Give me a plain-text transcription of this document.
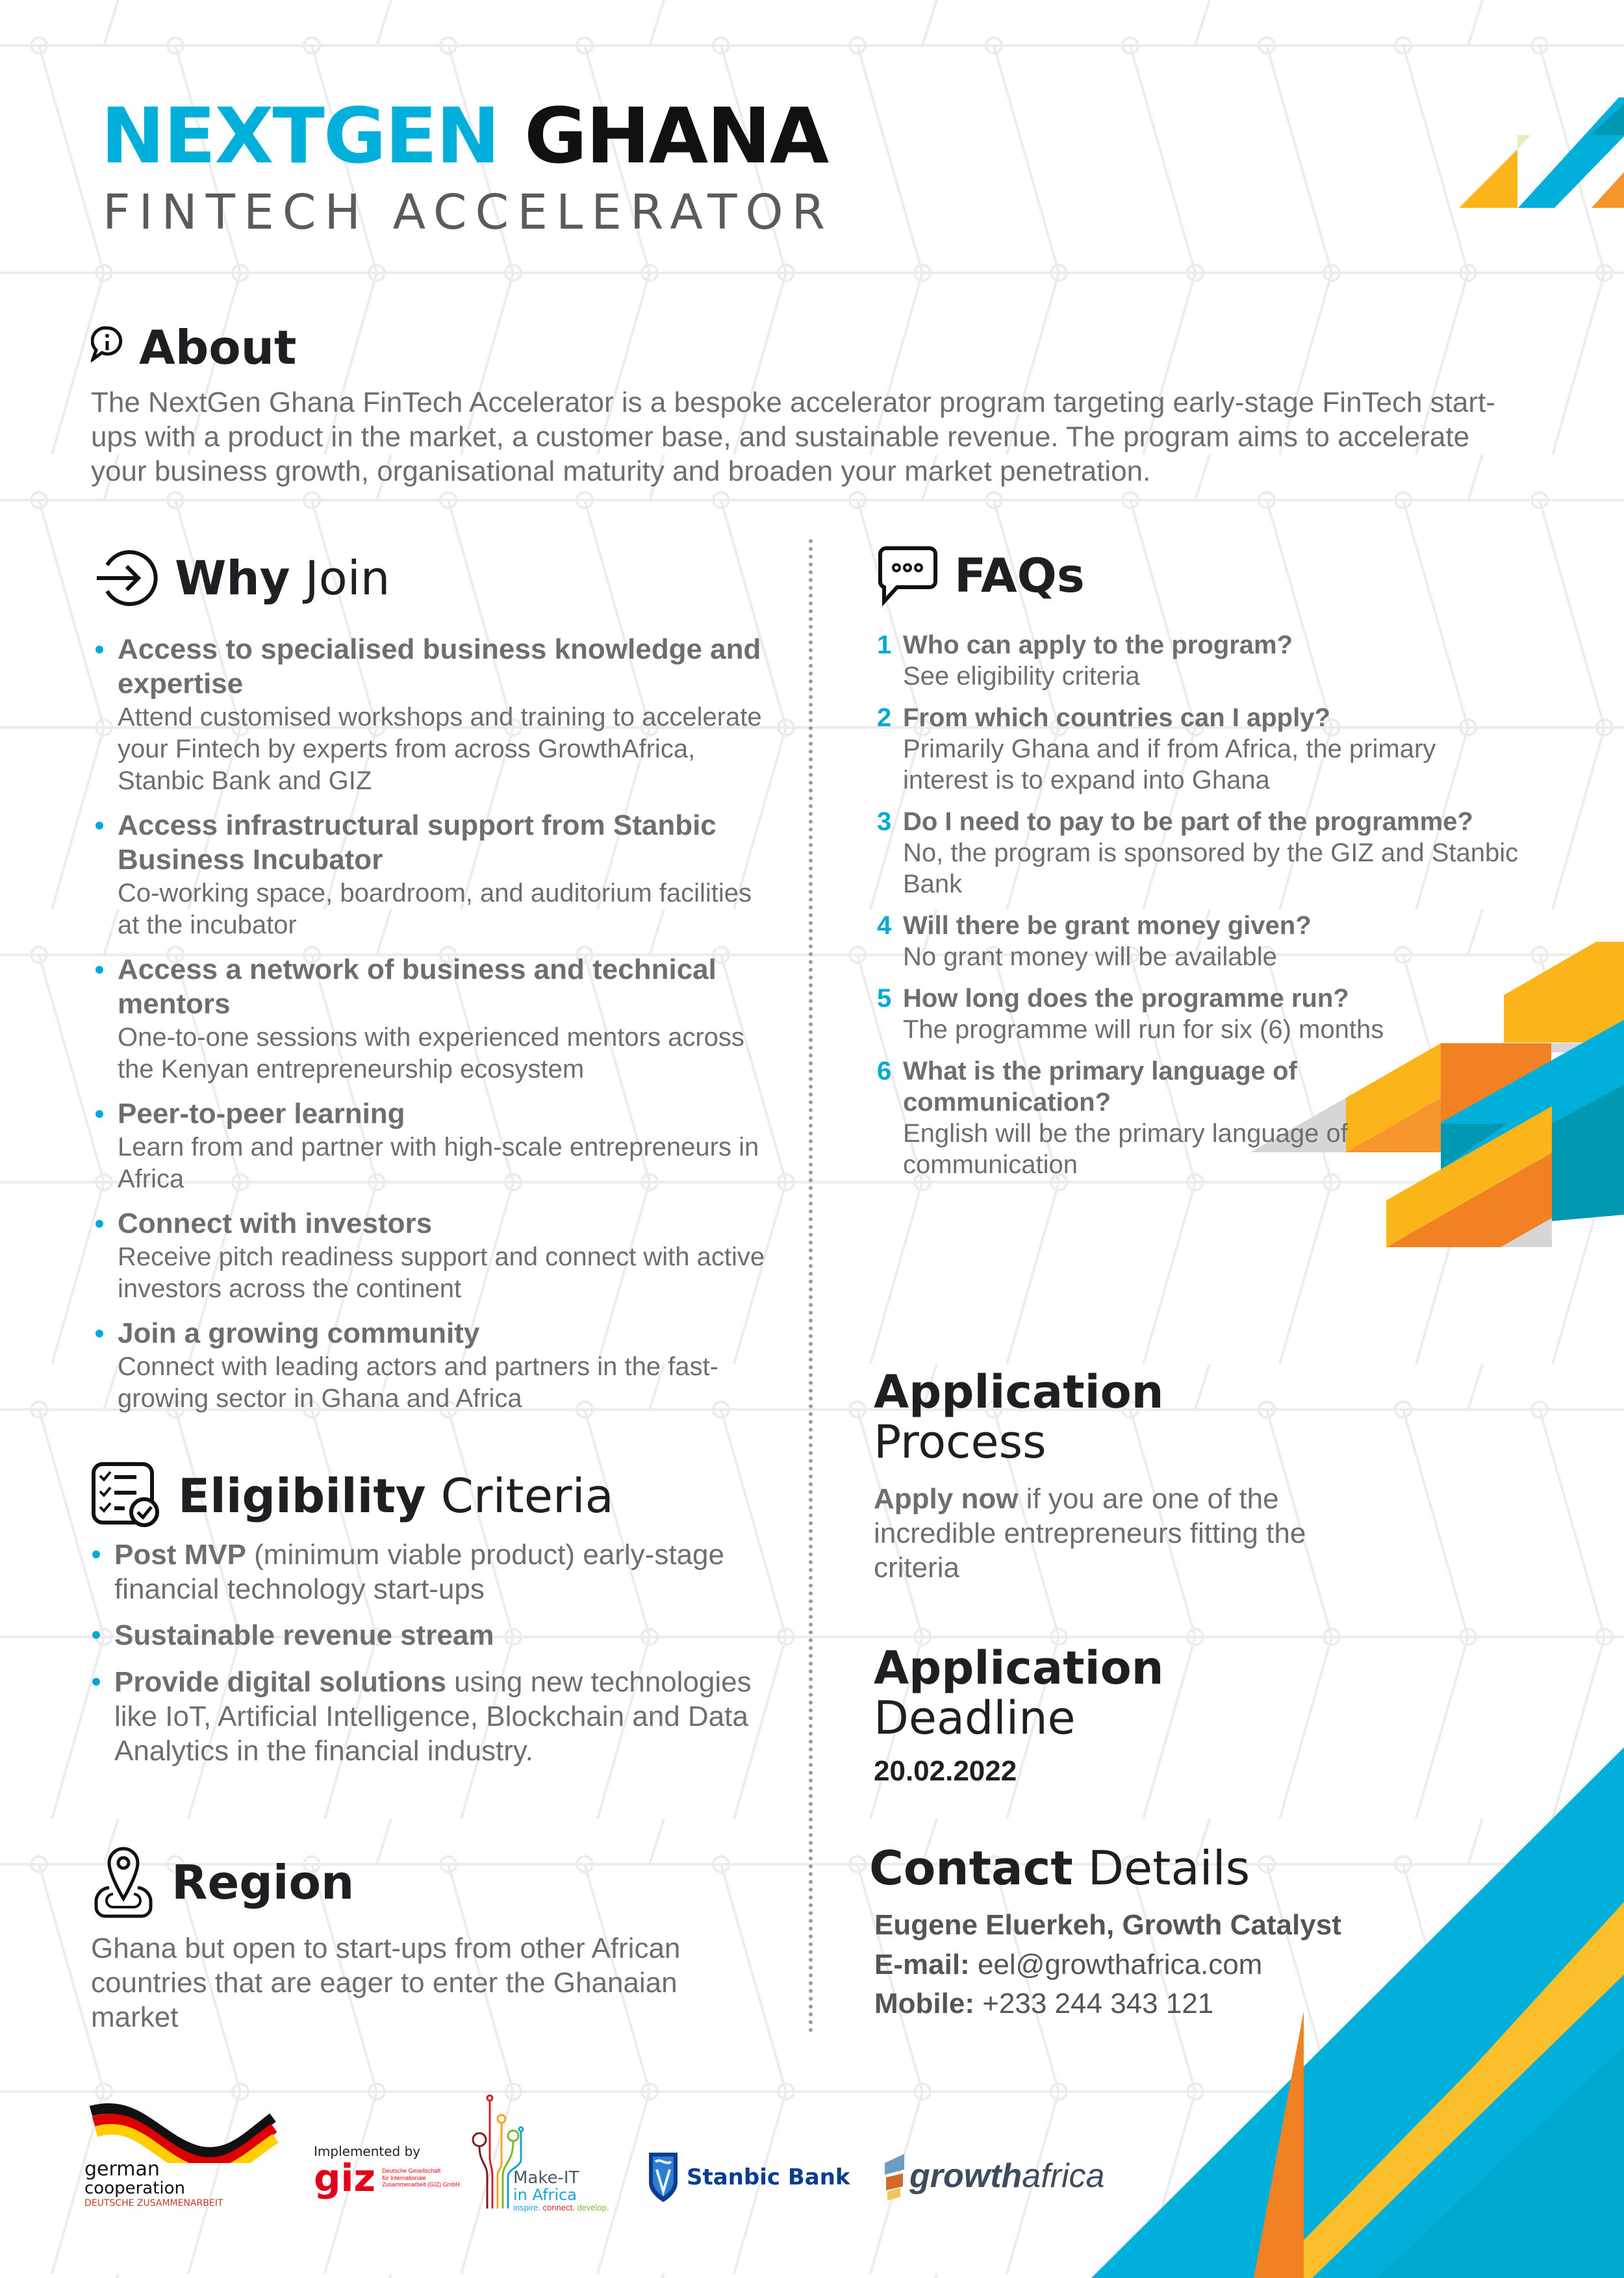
NEXTGEN GHANA
FINTECH ACCELERATOR
About

The NextGen Ghana FinTech Accelerator is a bespoke accelerator program targeting early-stage FinTech start-ups with a product in the market, a customer base, and sustainable revenue. The program aims to accelerate your business growth, organisational maturity and broaden your market penetration.

Why Join
Access to specialised business knowledge and expertise
Attend customised workshops and training to accelerate your Fintech by experts from across GrowthAfrica, Stanbic Bank and GIZ
Access infrastructural support from Stanbic Business Incubator
Co-working space, boardroom, and auditorium facilities at the incubator
Access a network of business and technical mentors
One-to-one sessions with experienced mentors across the Kenyan entrepreneurship ecosystem
Peer-to-peer learning
Learn from and partner with high-scale entrepreneurs in Africa
Connect with investors
Receive pitch readiness support and connect with active investors across the continent
Join a growing community
Connect with leading actors and partners in the fast-growing sector in Ghana and Africa
FAQs
1 Who can apply to the program?
See eligibility criteria
2 From which countries can I apply?
Primarily Ghana and if from Africa, the primary interest is to expand into Ghana
3 Do I need to pay to be part of the programme?
No, the program is sponsored by the GIZ and Stanbic Bank
4 Will there be grant money given?
No grant money will be available
5 How long does the programme run?
The programme will run for six (6) months
6 What is the primary language of communication?
English will be the primary language of communication
Eligibility Criteria
Post MVP (minimum viable product) early-stage financial technology start-ups
Sustainable revenue stream
Provide digital solutions using new technologies like IoT, Artificial Intelligence, Blockchain and Data Analytics in the financial industry.
Region

Ghana but open to start-ups from other African countries that are eager to enter the Ghanaian market

Application
Process

Apply now if you are one of the incredible entrepreneurs fitting the criteria

Application
Deadline
20.02.2022
Contact Details
Eugene Eluerkeh, Growth Catalyst
E-mail: eel@growthafrica.com
Mobile: +233 244 343 121
german
cooperation
DEUTSCHE ZUSAMMENARBEIT
Implemented by
giz Deutsche Gesellschaft
für Internationale
Zusammenarbeit (GIZ) GmbH	Make-IT
in Africa
inspire. connect. develop.
Stanbic Bank growthafrica
